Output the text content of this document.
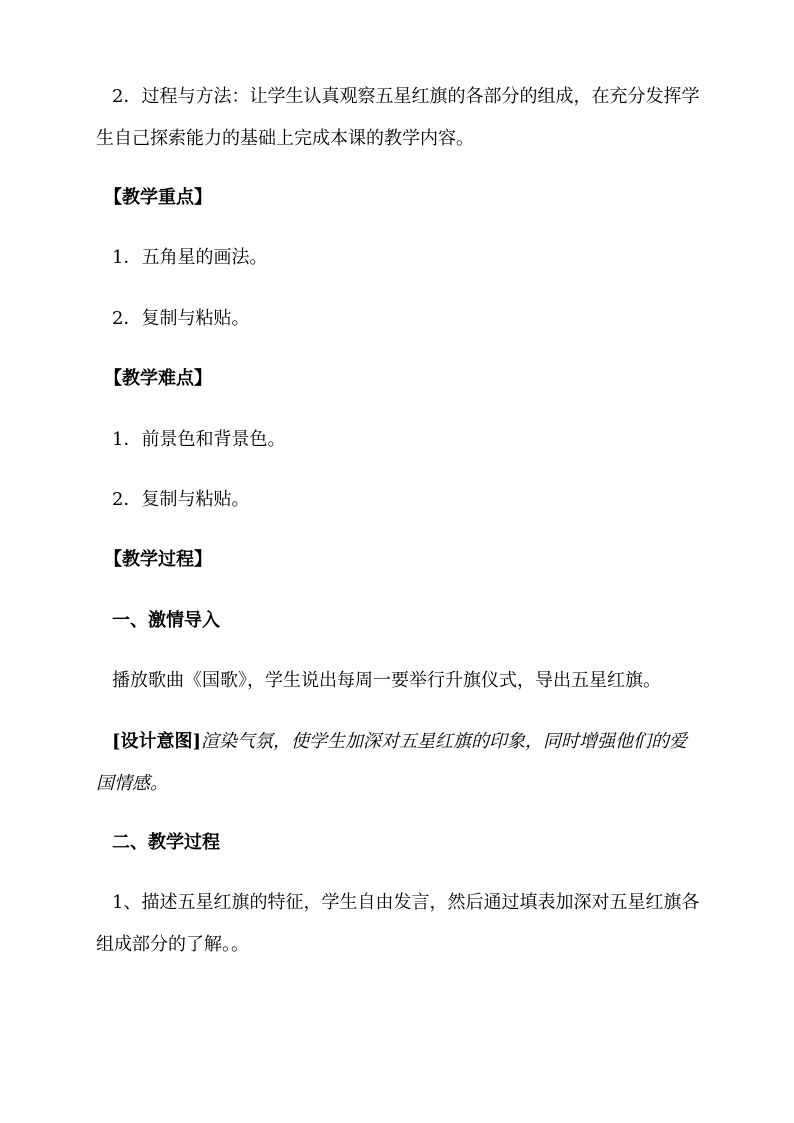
2．过程与方法：让学生认真观察五星红旗的各部分的组成，在充分发挥学
生自己探索能力的基础上完成本课的教学内容。
【教学重点】
1．五角星的画法。
2．复制与粘贴。
【教学难点】
1．前景色和背景色。
2．复制与粘贴。
【教学过程】
一、激情导入
播放歌曲《国歌》，学生说出每周一要举行升旗仪式，导出五星红旗。
[设计意图]渲染气氛，使学生加深对五星红旗的印象，同时增强他们的爱
国情感。
二、教学过程
1、描述五星红旗的特征，学生自由发言，然后通过填表加深对五星红旗各
组成部分的了解。。
